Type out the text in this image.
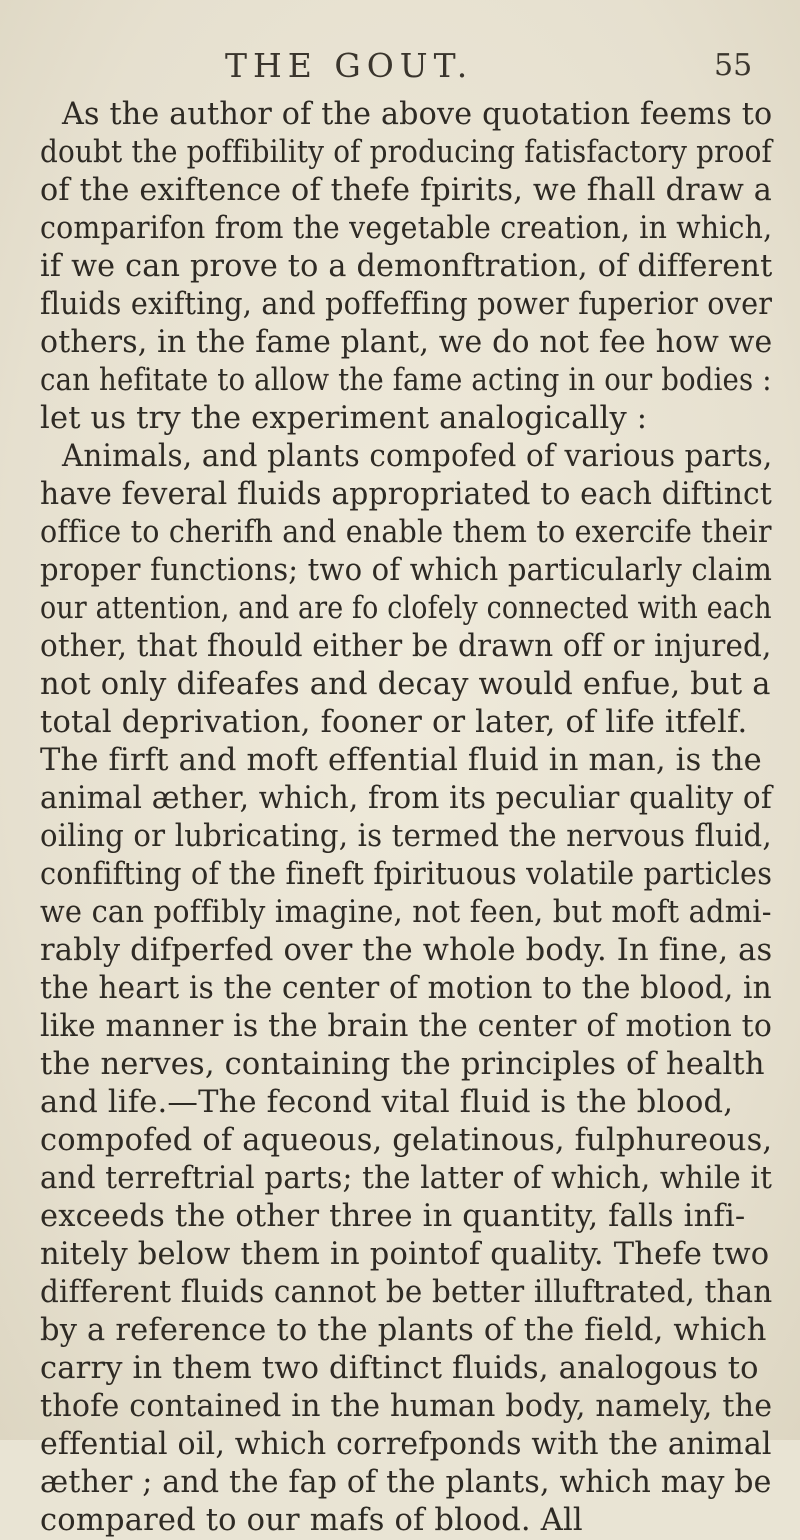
THE GOUT.	55
As the author of the above quotation feems to
doubt the poffibility of producing fatisfactory proof
of the exiftence of thefe fpirits, we fhall draw a
comparifon from the vegetable creation, in which,
if we can prove to a demonftration, of different
fluids exifting, and poffeffing power fuperior over
others, in the fame plant, we do not fee how we
can hefitate to allow the fame acting in our bodies :
let us try the experiment analogically :
Animals, and plants compofed of various parts,
have feveral fluids appropriated to each diftinct
office to cherifh and enable them to exercife their
proper functions; two of which particularly claim
our attention, and are fo clofely connected with each
other, that fhould either be drawn off or injured,
not only difeafes and decay would enfue, but a
total deprivation, fooner or later, of life itfelf.
The firft and moft effential fluid in man, is the
animal æther, which, from its peculiar quality of
oiling or lubricating, is termed the nervous fluid,
confifting of the fineft fpirituous volatile particles
we can poffibly imagine, not feen, but moft admi-
rably difperfed over the whole body. In fine, as
the heart is the center of motion to the blood, in
like manner is the brain the center of motion to
the nerves, containing the principles of health
and life.—The fecond vital fluid is the blood,
compofed of aqueous, gelatinous, fulphureous,
and terreftrial parts; the latter of which, while it
exceeds the other three in quantity, falls infi-
nitely below them in pointof quality. Thefe two
different fluids cannot be better illuftrated, than
by a reference to the plants of the field, which
carry in them two diftinct fluids, analogous to
thofe contained in the human body, namely, the
effential oil, which correfponds with the animal
æther ; and the fap of the plants, which may be
compared to our mafs of blood. All
